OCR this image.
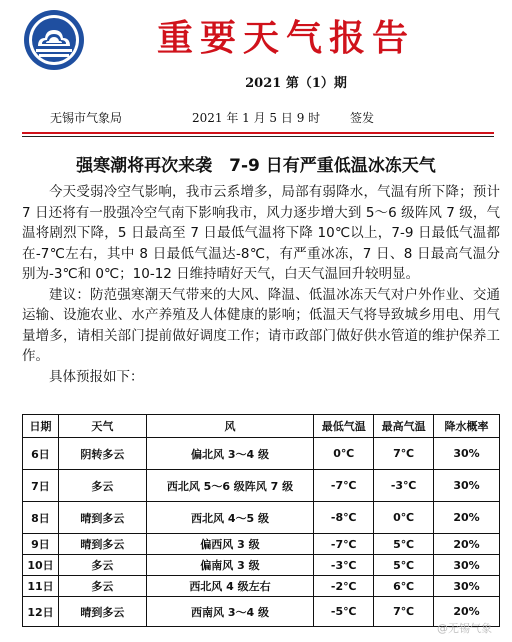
重要天气报告
2021 第（1）期
无锡市气象局	2021 年 1 月 5 日 9 时 签发
强寒潮将再次来袭　7-9 日有严重低温冰冻天气

今天受弱冷空气影响，我市云系增多，局部有弱降水，气温有所下降；预计 7 日还将有一股强冷空气南下影响我市，风力逐步增大到 5～6 级阵风 7 级，气温将剧烈下降，5 日最高至 7 日最低气温将下降 10℃以上，7-9 日最低气温都在-7℃左右，其中 8 日最低气温达-8℃，有严重冰冻，7 日、8 日最高气温分别为-3℃和 0℃；10-12 日维持晴好天气，白天气温回升较明显。

建议：防范强寒潮天气带来的大风、降温、低温冰冻天气对户外作业、交通运输、设施农业、水产养殖及人体健康的影响；低温天气将导致城乡用电、用气量增多，请相关部门提前做好调度工作；请市政部门做好供水管道的维护保养工作。

具体预报如下：

日期	天气	风	最低气温	最高气温	降水概率
6日	阴转多云	偏北风 3～4 级	0℃	7℃	30%
7日	多云	西北风 5～6 级阵风 7 级	-7℃	-3℃	30%
8日	晴到多云	西北风 4～5 级	-8℃	0℃	20%
9日	晴到多云	偏西风 3 级	-7℃	5℃	20%
10日	多云	偏南风 3 级	-3℃	5℃	30%
11日	多云	西北风 4 级左右	-2℃	6℃	30%
12日	晴到多云	西南风 3～4 级	-5℃	7℃	20%
@无锡气象
